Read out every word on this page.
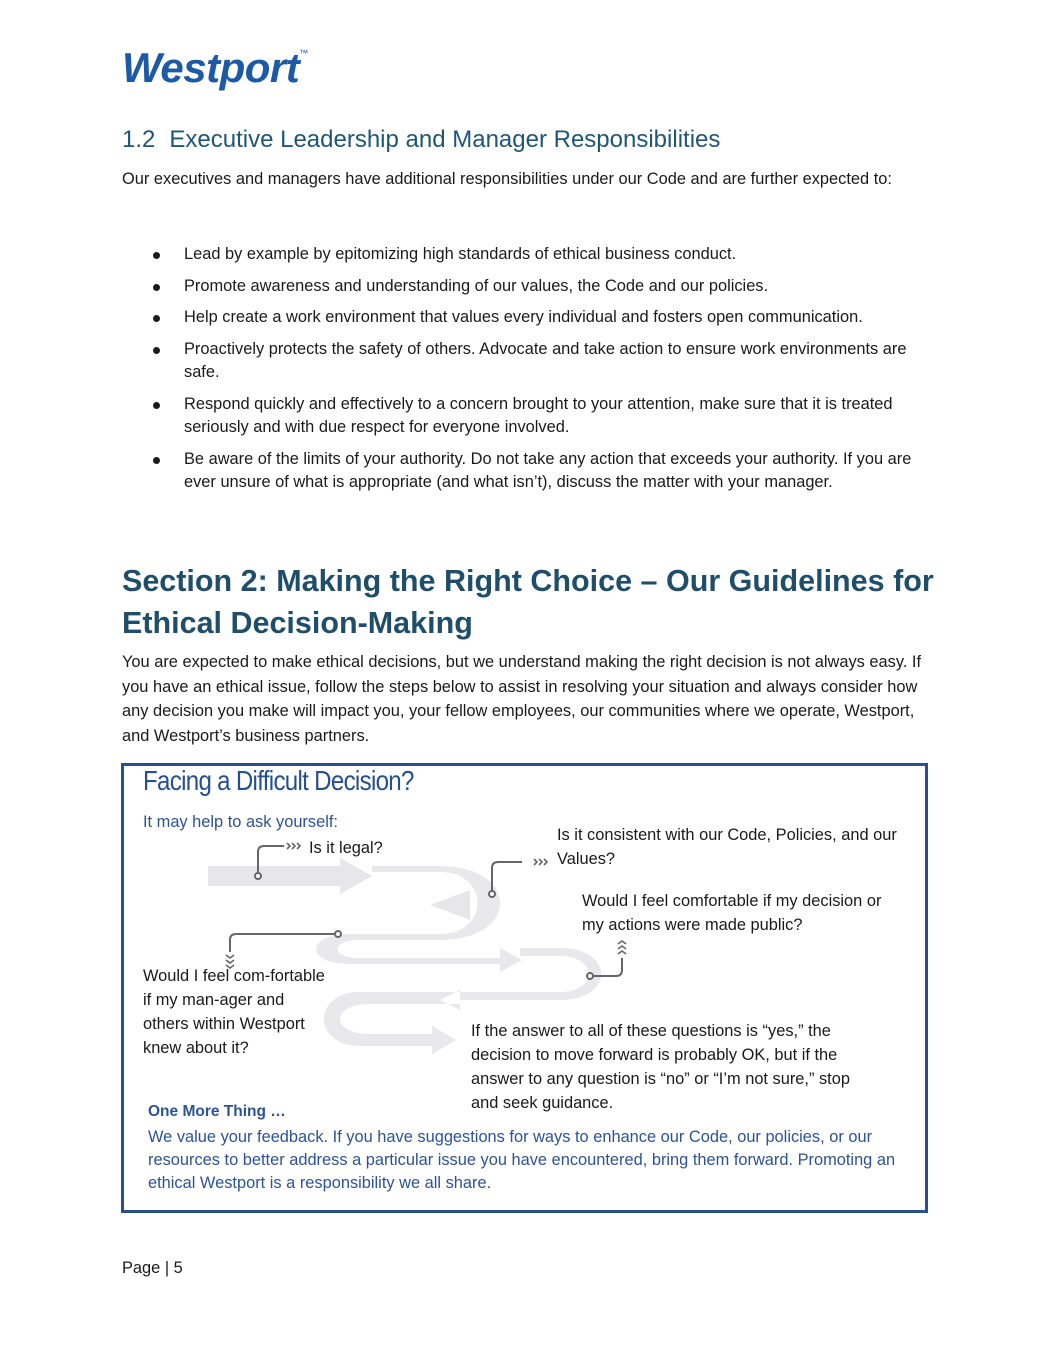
Westport™
1.2 Executive Leadership and Manager Responsibilities
Our executives and managers have additional responsibilities under our Code and are further expected to:
Lead by example by epitomizing high standards of ethical business conduct.
Promote awareness and understanding of our values, the Code and our policies.
Help create a work environment that values every individual and fosters open communication.
Proactively protects the safety of others. Advocate and take action to ensure work environments are safe.
Respond quickly and effectively to a concern brought to your attention, make sure that it is treated seriously and with due respect for everyone involved.
Be aware of the limits of your authority. Do not take any action that exceeds your authority. If you are ever unsure of what is appropriate (and what isn’t), discuss the matter with your manager.
Section 2: Making the Right Choice – Our Guidelines for Ethical Decision-Making
You are expected to make ethical decisions, but we understand making the right decision is not always easy. If you have an ethical issue, follow the steps below to assist in resolving your situation and always consider how any decision you make will impact you, your fellow employees, our communities where we operate, Westport, and Westport’s business partners.
Facing a Difficult Decision?
It may help to ask yourself:
Is it legal?
Is it consistent with our Code, Policies, and our Values?
Would I feel comfortable if my decision or my actions were made public?
Would I feel com-fortable if my man-ager and others within Westport knew about it?
If the answer to all of these questions is “yes,” the decision to move forward is probably OK, but if the answer to any question is “no” or “I’m not sure,” stop and seek guidance.
One More Thing …
We value your feedback. If you have suggestions for ways to enhance our Code, our policies, or our resources to better address a particular issue you have encountered, bring them forward. Promoting an ethical Westport is a responsibility we all share.
Page | 5
